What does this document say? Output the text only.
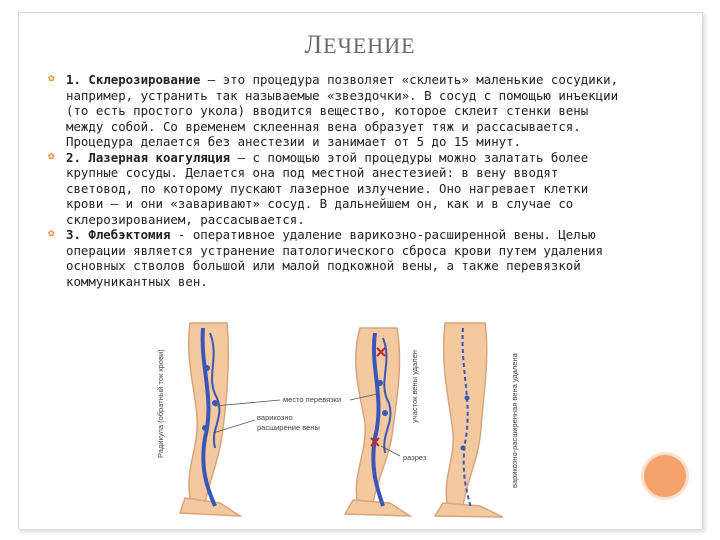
ЛЕЧЕНИЕ
✿ 1. Склерозирование — это процедура позволяет «склеить» маленькие сосудики, например, устранить так называемые «звездочки». В сосуд с помощью инъекции (то есть простого укола) вводится вещество, которое склеит стенки вены между собой. Со временем склеенная вена образует тяж и рассасывается. Процедура делается без анестезии и занимает от 5 до 15 минут.
✿ 2. Лазерная коагуляция — с помощью этой процедуры можно залатать более крупные сосуды. Делается она под местной анестезией: в вену вводят световод, по которому пускают лазерное излучение. Оно нагревает клетки крови — и они «заваривают» сосуд. В дальнейшем он, как и в случае со склерозированием, рассасывается.
✿ 3. Флебэктомия - оперативное удаление варикозно-расширенной вены. Целью операции является устранение патологического сброса крови путем удаления основных стволов большой или малой подкожной вены, а также перевязкой коммуникантных вен.
Радикула (обратный ток крови)	место перевязки
варикозно
расширение вены
участок вены удален
разрез	варикозно-расширенная вена удалена
